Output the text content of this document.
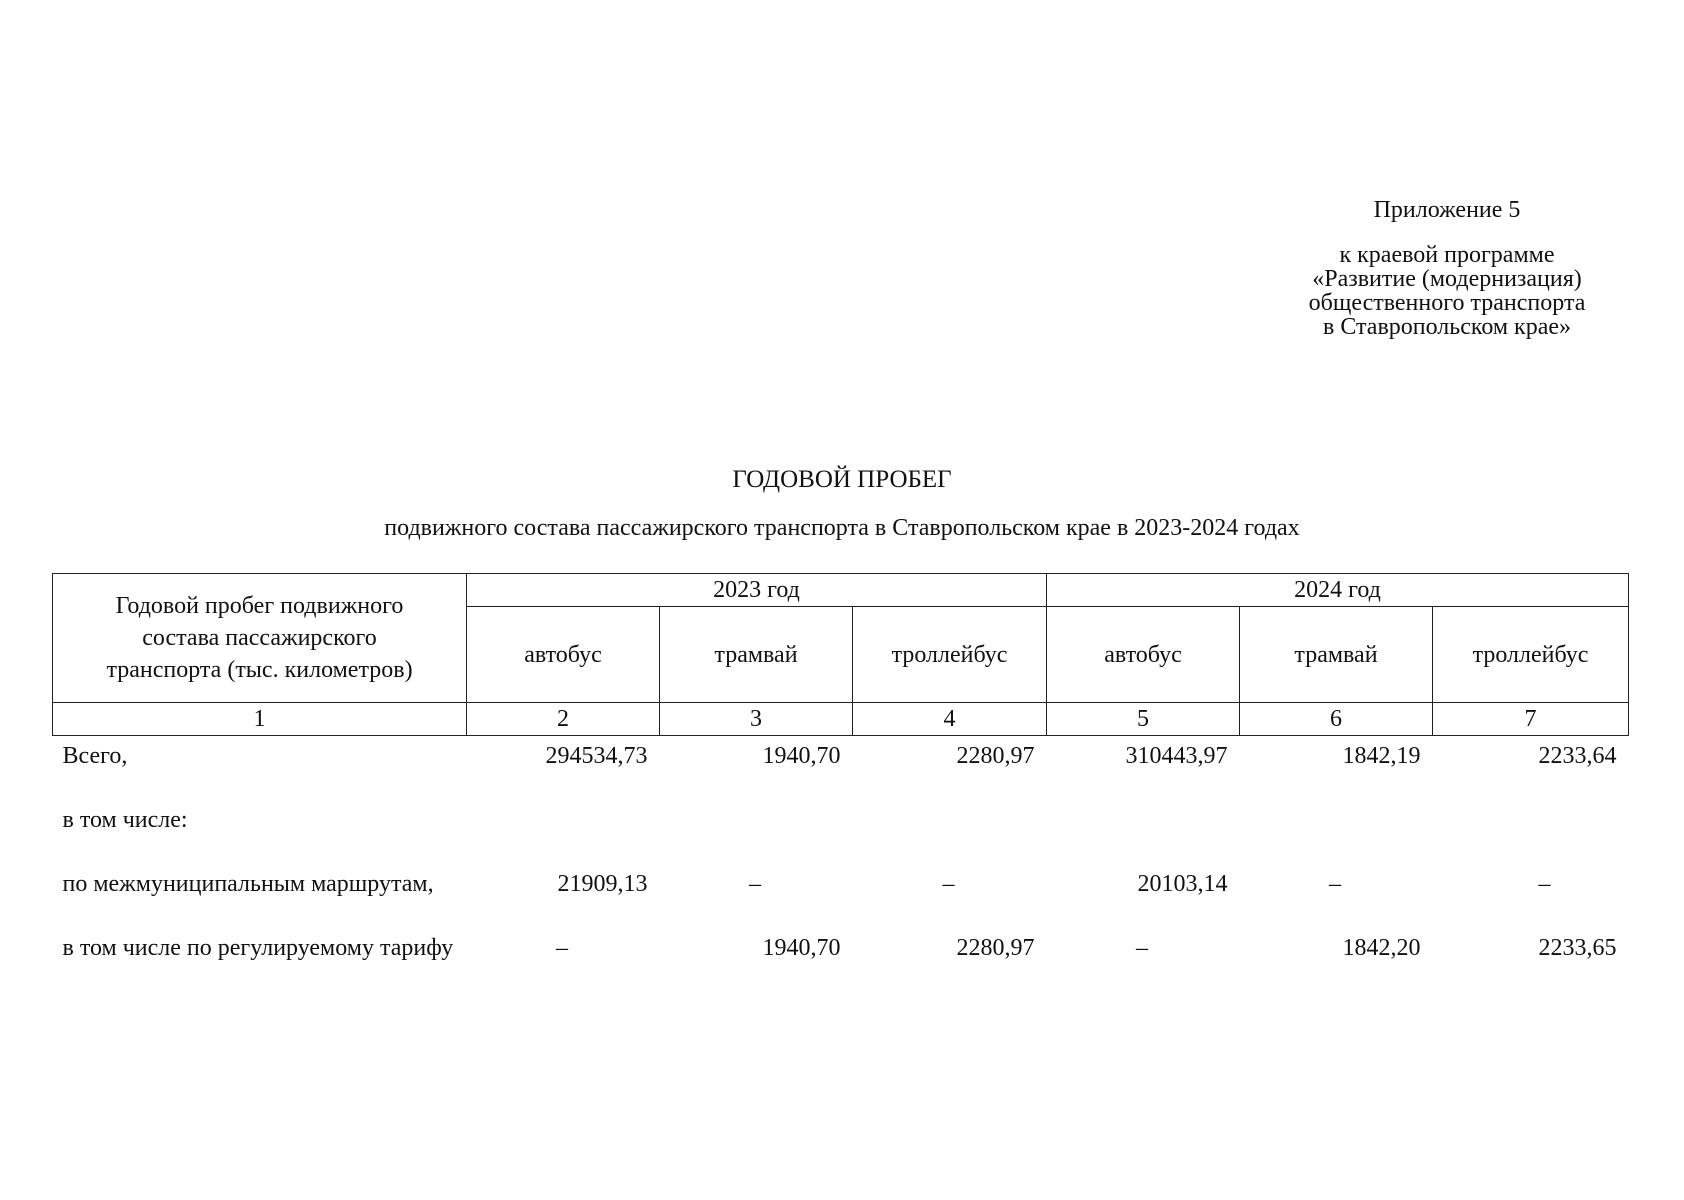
Приложение 5
к краевой программе
«Развитие (модернизация)
общественного транспорта
в Ставропольском крае»
ГОДОВОЙ ПРОБЕГ
подвижного состава пассажирского транспорта в Ставропольском крае в 2023-2024 годах
Годовой пробег подвижного состава пассажирского транспорта (тыс. километров)	2023 год			2024 год		
	автобус	трамвай	троллейбус	автобус	трамвай	троллейбус
1	2	3	4	5	6	7
Всего,	294534,73	1940,70	2280,97	310443,97	1842,19	2233,64
в том числе:						
по межмуниципальным маршрутам,	21909,13	–	–	20103,14	–	–
в том числе по регулируемому тарифу	–	1940,70	2280,97	–	1842,20	2233,65
